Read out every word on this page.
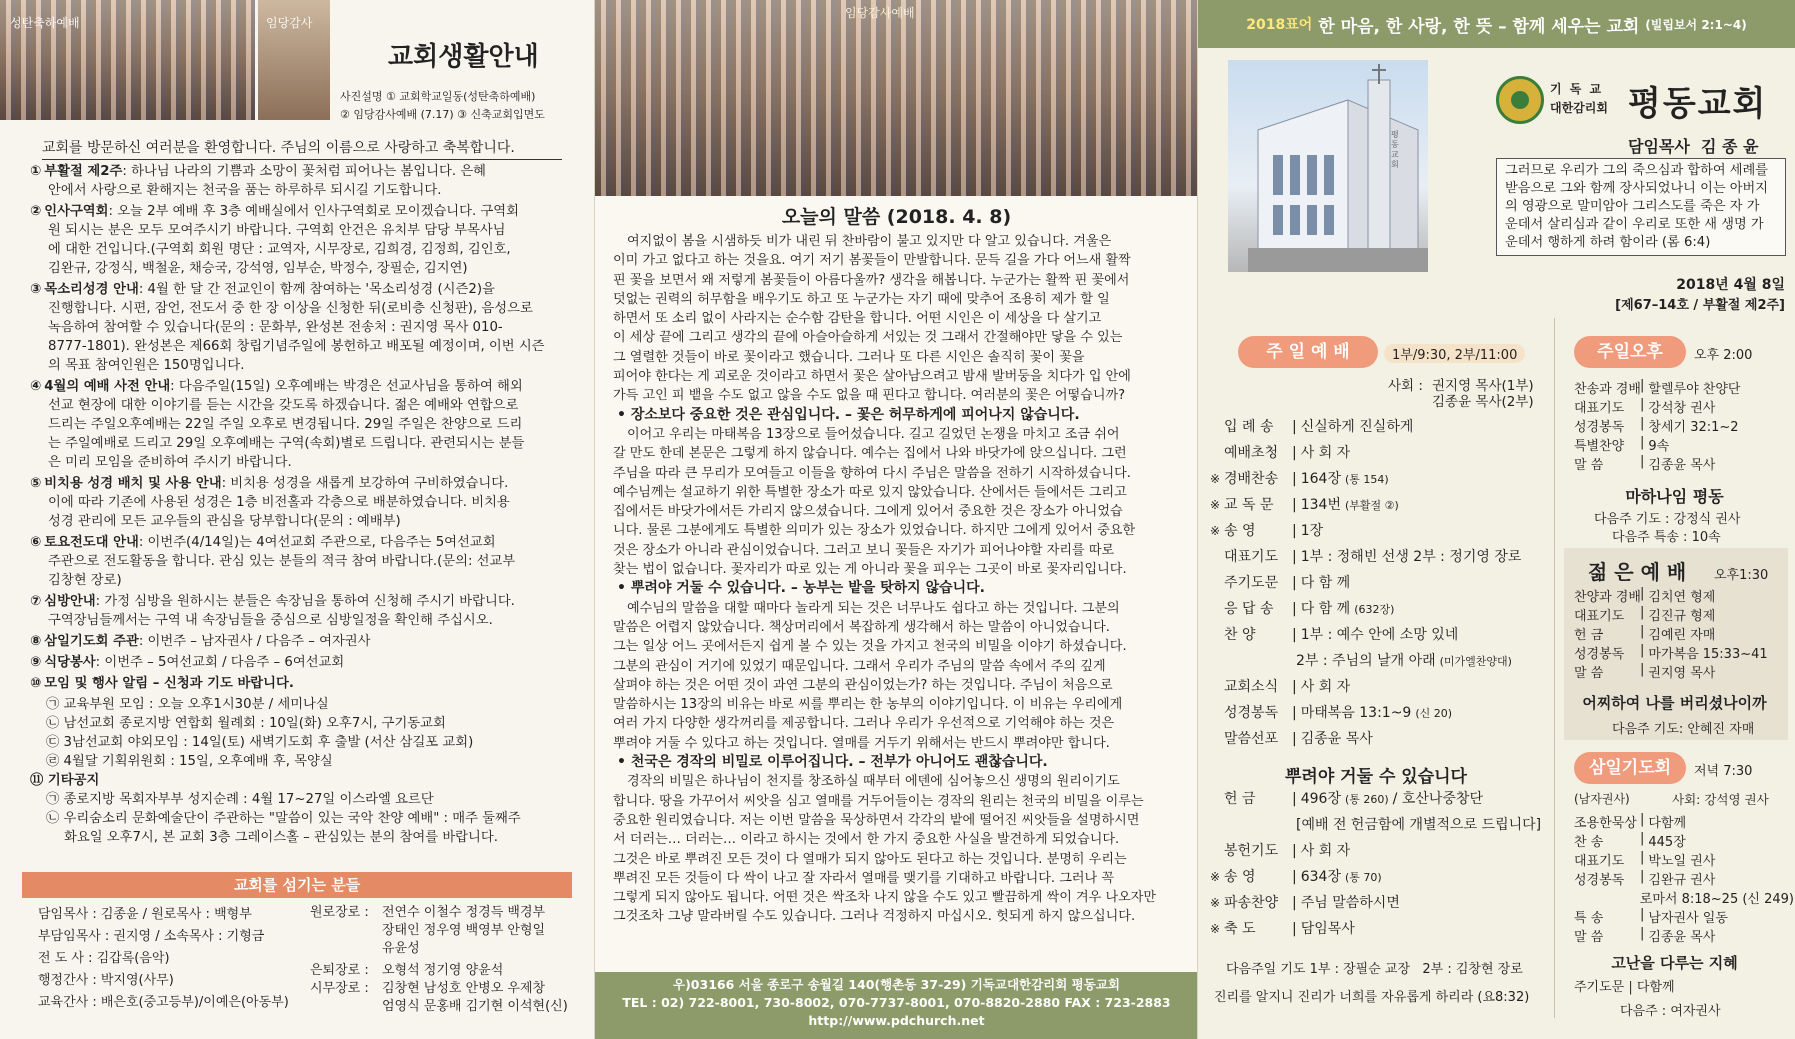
성탄축하예배	임당감사
교회생활안내
사진설명 ① 교회학교일동(성탄축하예배)
② 임당감사예배 (7.17) ③ 신축교회입면도
교회를 방문하신 여러분을 환영합니다. 주님의 이름으로 사랑하고 축복합니다.
① 부활절 제2주: 하나님 나라의 기쁨과 소망이 꽃처럼 피어나는 봄입니다. 은혜
안에서 사랑으로 환해지는 천국을 품는 하루하루 되시길 기도합니다.
② 인사구역회: 오늘 2부 예배 후 3층 예배실에서 인사구역회로 모이겠습니다. 구역회
원 되시는 분은 모두 모여주시기 바랍니다. 구역회 안건은 유치부 담당 부목사님
에 대한 건입니다.(구역회 회원 명단 : 교역자, 시무장로, 김희경, 김정희, 김인호,
김완규, 강정식, 백철윤, 채승국, 강석영, 임부순, 박정수, 장필순, 김지연)
③ 목소리성경 안내: 4월 한 달 간 전교인이 함께 참여하는 '목소리성경 (시즌2)을
진행합니다. 시편, 잠언, 전도서 중 한 장 이상을 신청한 뒤(로비층 신청판), 음성으로
녹음하여 참여할 수 있습니다(문의 : 문화부, 완성본 전송처 : 권지영 목사 010-
8777-1801). 완성본은 제66회 창립기념주일에 봉헌하고 배포될 예정이며, 이번 시즌
의 목표 참여인원은 150명입니다.
④ 4월의 예배 사전 안내: 다음주일(15일) 오후예배는 박경은 선교사님을 통하여 해외
선교 현장에 대한 이야기를 듣는 시간을 갖도록 하겠습니다. 젊은 예배와 연합으로
드리는 주일오후예배는 22일 주일 오후로 변경됩니다. 29일 주일은 찬양으로 드리
는 주일예배로 드리고 29일 오후예배는 구역(속회)별로 드립니다. 관련되시는 분들
은 미리 모임을 준비하여 주시기 바랍니다.
⑤ 비치용 성경 배치 및 사용 안내: 비치용 성경을 새롭게 보강하여 구비하였습니다.
이에 따라 기존에 사용된 성경은 1층 비전홀과 각층으로 배분하였습니다. 비치용
성경 관리에 모든 교우들의 관심을 당부합니다(문의 : 예배부)
⑥ 토요전도대 안내: 이번주(4/14일)는 4여선교회 주관으로, 다음주는 5여선교회
주관으로 전도활동을 합니다. 관심 있는 분들의 적극 참여 바랍니다.(문의: 선교부
김창현 장로)
⑦ 심방안내: 가정 심방을 원하시는 분들은 속장님을 통하여 신청해 주시기 바랍니다.
구역장님들께서는 구역 내 속장님들을 중심으로 심방일정을 확인해 주십시오.
⑧ 삼일기도회 주관: 이번주 – 남자권사 / 다음주 – 여자권사
⑨ 식당봉사: 이번주 – 5여선교회 / 다음주 – 6여선교회
⑩ 모임 및 행사 알림 – 신청과 기도 바랍니다.
㉠ 교육부원 모임 : 오늘 오후1시30분 / 세미나실
㉡ 남선교회 종로지방 연합회 월례회 : 10일(화) 오후7시, 구기동교회
㉢ 3남선교회 야외모임 : 14일(토) 새벽기도회 후 출발 (서산 삼길포 교회)
㉣ 4월달 기획위원회 : 15일, 오후예배 후, 목양실
⑪ 기타공지
㉠ 종로지방 목회자부부 성지순례 : 4월 17~27일 이스라엘 요르단
㉡ 우리숨소리 문화예술단이 주관하는 "말씀이 있는 국악 찬양 예배" : 매주 둘째주
화요일 오후7시, 본 교회 3층 그레이스홀 – 관심있는 분의 참여를 바랍니다.
교회를 섬기는 분들
담임목사 : 김종윤 / 원로목사 : 백형부
부담임목사 : 권지영 / 소속목사 : 기형금
전 도 사 : 김갑록(음악)
행정간사 : 박지영(사무)
교육간사 : 배은호(중고등부)/이예은(아동부)
원로장로 :	전연수 이철수 정경득 백경부
장태인 정우영 백영부 안형일
유윤성
은퇴장로 :	오형석 정기영 양윤석
시무장로 :	김창현 남성호 안병오 우제창
엄영식 문홍배 김기현 이석현(신)
임당감사예배
오늘의 말씀 (2018. 4. 8)
여지없이 봄을 시샘하듯 비가 내린 뒤 찬바람이 불고 있지만 다 알고 있습니다. 겨울은
이미 가고 없다고 하는 것을요. 여기 저기 봄꽃들이 만발합니다. 문득 길을 가다 어느새 활짝
핀 꽃을 보면서 왜 저렇게 봄꽃들이 아름다울까? 생각을 해봅니다. 누군가는 활짝 핀 꽃에서
덧없는 권력의 허무함을 배우기도 하고 또 누군가는 자기 때에 맞추어 조용히 제가 할 일
하면서 또 소리 없이 사라지는 순수함 감탄을 합니다. 어떤 시인은 이 세상을 다 살기고
이 세상 끝에 그리고 생각의 끝에 아슬아슬하게 서있는 것 그래서 간절해야만 닿을 수 있는
그 열렬한 것들이 바로 꽃이라고 했습니다. 그러나 또 다른 시인은 솔직히 꽃이 꽃을
피어야 한다는 게 괴로운 것이라고 하면서 꽃은 살아남으려고 밤새 발버둥을 치다가 입 안에
가득 고인 피 뱉을 수도 없고 않을 수도 없을 때 핀다고 합니다. 여러분의 꽃은 어떻습니까?
• 장소보다 중요한 것은 관심입니다. – 꽃은 허무하게에 피어나지 않습니다.
이어고 우리는 마태복음 13장으로 들어섰습니다. 길고 길었던 논쟁을 마치고 조금 쉬어
갈 만도 한데 본문은 그렇게 하지 않습니다. 예수는 집에서 나와 바닷가에 앉으십니다. 그런
주님을 따라 큰 무리가 모여들고 이들을 향하여 다시 주님은 말씀을 전하기 시작하셨습니다.
예수님께는 설교하기 위한 특별한 장소가 따로 있지 않았습니다. 산에서든 들에서든 그리고
집에서든 바닷가에서든 가리지 않으셨습니다. 그에게 있어서 중요한 것은 장소가 아니었습
니다. 물론 그분에게도 특별한 의미가 있는 장소가 있었습니다. 하지만 그에게 있어서 중요한
것은 장소가 아니라 관심이었습니다. 그러고 보니 꽃들은 자기가 피어나야할 자리를 따로
찾는 법이 없습니다. 꽃자리가 따로 있는 게 아니라 꽃을 피우는 그곳이 바로 꽃자리입니다.
• 뿌려야 거둘 수 있습니다. – 농부는 밭을 탓하지 않습니다.
예수님의 말씀을 대할 때마다 놀라게 되는 것은 너무나도 쉽다고 하는 것입니다. 그분의
말씀은 어렵지 않았습니다. 책상머리에서 복잡하게 생각해서 하는 말씀이 아니었습니다.
그는 일상 어느 곳에서든지 쉽게 볼 수 있는 것을 가지고 천국의 비밀을 이야기 하셨습니다.
그분의 관심이 거기에 있었기 때문입니다. 그래서 우리가 주님의 말씀 속에서 주의 깊게
살펴야 하는 것은 어떤 것이 과연 그분의 관심이었는가? 하는 것입니다. 주님이 처음으로
말씀하시는 13장의 비유는 바로 씨를 뿌리는 한 농부의 이야기입니다. 이 비유는 우리에게
여러 가지 다양한 생각꺼리를 제공합니다. 그러나 우리가 우선적으로 기억해야 하는 것은
뿌려야 거둘 수 있다고 하는 것입니다. 열매를 거두기 위해서는 반드시 뿌려야만 합니다.
• 천국은 경작의 비밀로 이루어집니다. – 전부가 아니어도 괜찮습니다.
경작의 비밀은 하나님이 천지를 창조하실 때부터 에덴에 심어놓으신 생명의 원리이기도
합니다. 땅을 가꾸어서 씨앗을 심고 열매를 거두어들이는 경작의 원리는 천국의 비밀을 이루는
중요한 원리였습니다. 저는 이번 말씀을 묵상하면서 각각의 밭에 떨어진 씨앗들을 설명하시면
서 더러는… 더러는… 이라고 하시는 것에서 한 가지 중요한 사실을 발견하게 되었습니다.
그것은 바로 뿌려진 모든 것이 다 열매가 되지 않아도 된다고 하는 것입니다. 분명히 우리는
뿌려진 모든 것들이 다 싹이 나고 잘 자라서 열매를 맺기를 기대하고 바랍니다. 그러나 꼭
그렇게 되지 않아도 됩니다. 어떤 것은 싹조차 나지 않을 수도 있고 빨끔하게 싹이 겨우 나오자만
그것조차 그냥 말라버릴 수도 있습니다. 그러나 걱정하지 마십시오. 헛되게 하지 않으십니다.
우)03166 서울 종로구 송월길 140(행촌동 37-29) 기독교대한감리회 평동교회
TEL : 02) 722-8001, 730-8002, 070-7737-8001, 070-8820-2880 FAX : 723-2883
http://www.pdchurch.net
2018표어 한 마음, 한 사랑, 한 뜻 – 함께 세우는 교회 (빌립보서 2:1~4)
평동교회
기 독 교
대한감리회 평동교회
담임목사  김 종 윤
그러므로 우리가 그의 죽으심과 합하여 세례를
받음으로 그와 함께 장사되었나니 이는 아버지
의 영광으로 말미암아 그리스도를 죽은 자 가
운데서 살리심과 같이 우리로 또한 새 생명 가
운데서 행하게 하려 함이라 (롬 6:4)
2018년 4월 8일
[제67–14호 / 부활절 제2주]
주 일 예 배	1부/9:30, 2부/11:00
사회 : 권지영 목사(1부)
김종윤 목사(2부)
입 례 송	| 신실하게 진실하게
예배초청 | 사 회 자
※ 경배찬송 | 164장 (통 154)
※ 교 독 문	| 134번 (부활절 ②)
※ 송 영	| 1장
대표기도 | 1부 : 정해빈 선생 2부 : 정기영 장로
주기도문 | 다 함 께
응 답 송	| 다 함 께 (632장)
찬 양	| 1부 : 예수 안에 소망 있네
2부 : 주님의 날개 아래 (미가엘찬양대)
교회소식 | 사 회 자
성경봉독 | 마태복음 13:1~9 (신 20)
말씀선포 | 김종윤 목사
뿌려야 거둘 수 있습니다
헌 금	| 496장 (통 260) / 호산나중창단
[예배 전 헌금함에 개별적으로 드립니다]
봉헌기도 | 사 회 자
※ 송 영	| 634장 (통 70)
※ 파송찬양 | 주님 말씀하시면
※ 축 도	| 담임목사
다음주일 기도 1부 : 장필순 교장   2부 : 김창현 장로
진리를 알지니 진리가 너희를 자유롭게 하리라 (요8:32)
주일오후	오후 2:00
찬송과 경배 | 할렐루야 찬양단
대표기도	| 강석창 권사
성경봉독	| 창세기 32:1~2
특별찬양	| 9속
말 씀	| 김종윤 목사
마하나임 평동
다음주 기도 : 강정식 권사
다음주 특송 : 10속
젊 은 예 배 오후1:30
찬양과 경배 | 김치연 형제
대표기도	| 김진규 형제
헌 금	| 김예린 자매
성경봉독	| 마가복음 15:33~41
말 씀	| 권지영 목사
어찌하여 나를 버리셨나이까
다음주 기도: 안혜진 자매
삼일기도회	저녁 7:30
(남자권사)	사회: 강석영 권사
조용한묵상 | 다함께
찬 송	| 445장
대표기도	| 박노일 권사
성경봉독	| 김완규 권사
로마서 8:18~25 (신 249)
특 송	| 남자권사 일동
말 씀	| 김종윤 목사
고난을 다루는 지혜
주기도문 | 다함께
다음주 : 여자권사
